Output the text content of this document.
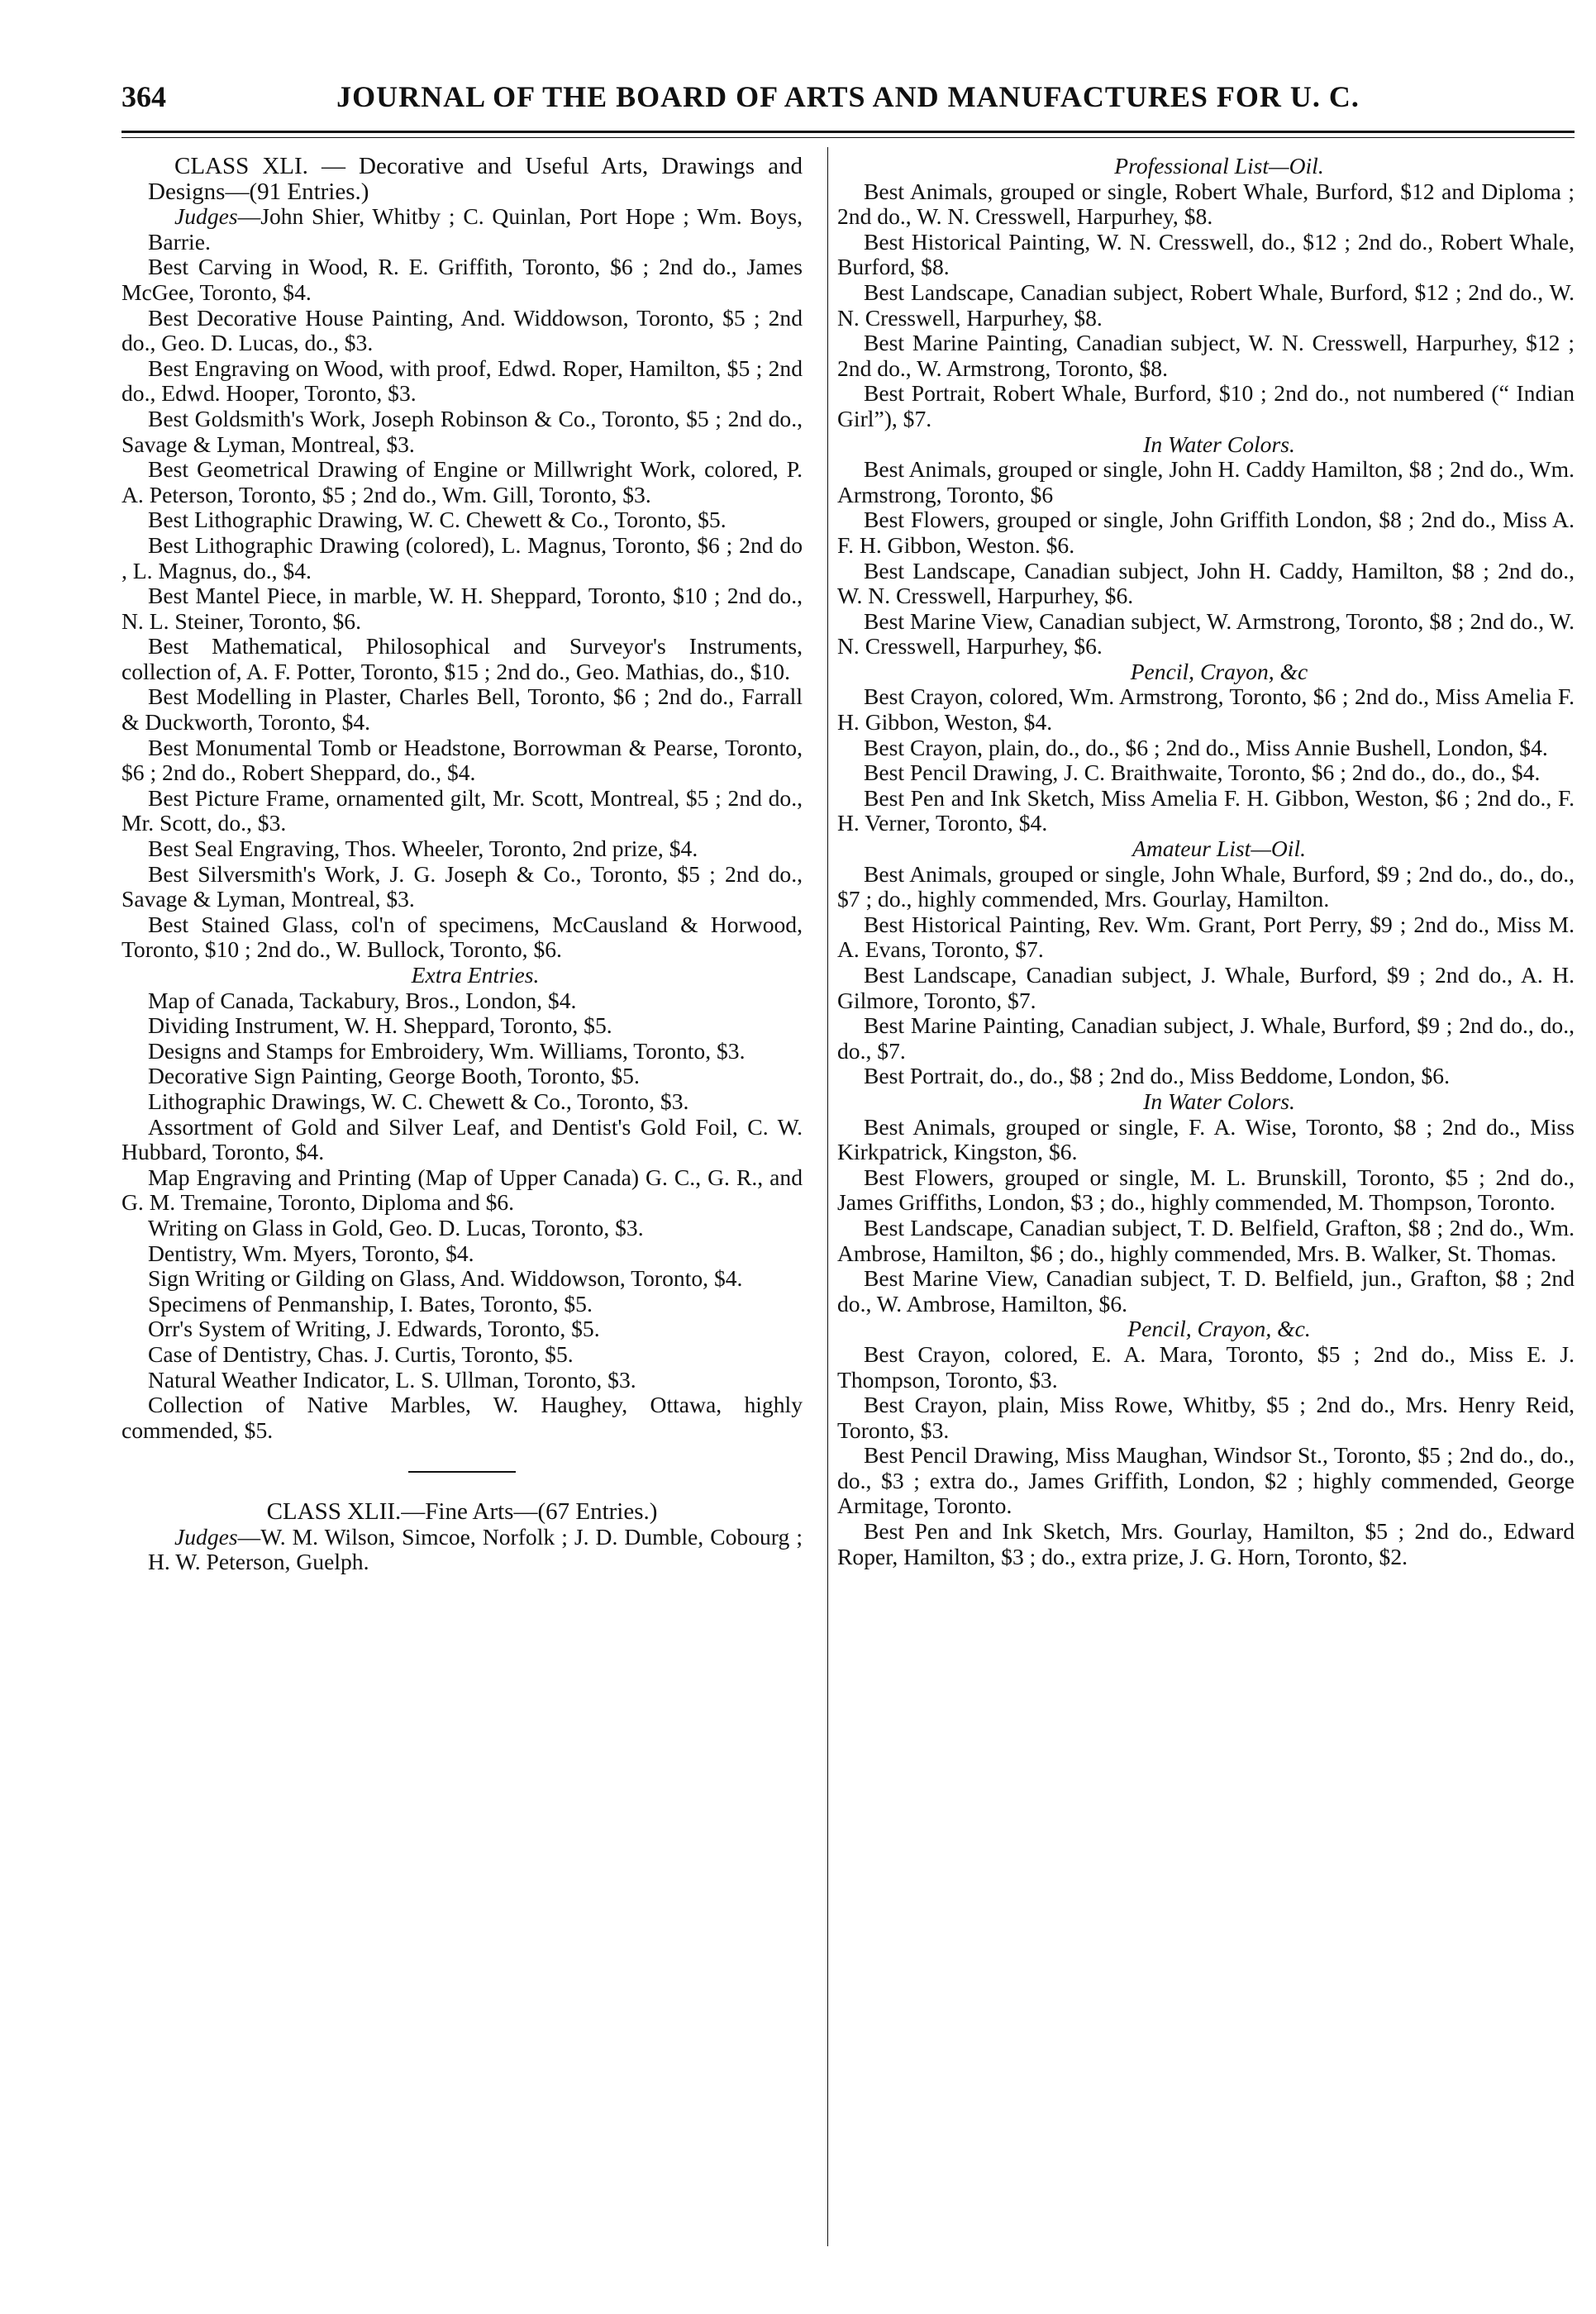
364	JOURNAL OF THE BOARD OF ARTS AND MANUFACTURES FOR U. C.

CLASS XLI. — Decorative and Useful Arts, Drawings and Designs—(91 Entries.)

Judges—John Shier, Whitby ; C. Quinlan, Port Hope ; Wm. Boys, Barrie.

Best Carving in Wood, R. E. Griffith, Toronto, $6 ; 2nd do., James McGee, Toronto, $4.

Best Decorative House Painting, And. Widdowson, Toronto, $5 ; 2nd do., Geo. D. Lucas, do., $3.

Best Engraving on Wood, with proof, Edwd. Roper, Hamilton, $5 ; 2nd do., Edwd. Hooper, Toronto, $3.

Best Goldsmith's Work, Joseph Robinson & Co., Toronto, $5 ; 2nd do., Savage & Lyman, Montreal, $3.

Best Geometrical Drawing of Engine or Millwright Work, colored, P. A. Peterson, Toronto, $5 ; 2nd do., Wm. Gill, Toronto, $3.

Best Lithographic Drawing, W. C. Chewett & Co., Toronto, $5.

Best Lithographic Drawing (colored), L. Magnus, Toronto, $6 ; 2nd do , L. Magnus, do., $4.

Best Mantel Piece, in marble, W. H. Sheppard, Toronto, $10 ; 2nd do., N. L. Steiner, Toronto, $6.

Best Mathematical, Philosophical and Surveyor's Instruments, collection of, A. F. Potter, Toronto, $15 ; 2nd do., Geo. Mathias, do., $10.

Best Modelling in Plaster, Charles Bell, Toronto, $6 ; 2nd do., Farrall & Duckworth, Toronto, $4.

Best Monumental Tomb or Headstone, Borrowman & Pearse, Toronto, $6 ; 2nd do., Robert Sheppard, do., $4.

Best Picture Frame, ornamented gilt, Mr. Scott, Montreal, $5 ; 2nd do., Mr. Scott, do., $3.

Best Seal Engraving, Thos. Wheeler, Toronto, 2nd prize, $4.

Best Silversmith's Work, J. G. Joseph & Co., Toronto, $5 ; 2nd do., Savage & Lyman, Montreal, $3.

Best Stained Glass, col'n of specimens, McCausland & Horwood, Toronto, $10 ; 2nd do., W. Bullock, Toronto, $6.

Extra Entries.

Map of Canada, Tackabury, Bros., London, $4.

Dividing Instrument, W. H. Sheppard, Toronto, $5.

Designs and Stamps for Embroidery, Wm. Williams, Toronto, $3.

Decorative Sign Painting, George Booth, Toronto, $5.

Lithographic Drawings, W. C. Chewett & Co., Toronto, $3.

Assortment of Gold and Silver Leaf, and Dentist's Gold Foil, C. W. Hubbard, Toronto, $4.

Map Engraving and Printing (Map of Upper Canada) G. C., G. R., and G. M. Tremaine, Toronto, Diploma and $6.

Writing on Glass in Gold, Geo. D. Lucas, Toronto, $3.

Dentistry, Wm. Myers, Toronto, $4.

Sign Writing or Gilding on Glass, And. Widdowson, Toronto, $4.

Specimens of Penmanship, I. Bates, Toronto, $5.

Orr's System of Writing, J. Edwards, Toronto, $5.

Case of Dentistry, Chas. J. Curtis, Toronto, $5.

Natural Weather Indicator, L. S. Ullman, Toronto, $3.

Collection of Native Marbles, W. Haughey, Ottawa, highly commended, $5.

CLASS XLII.—Fine Arts—(67 Entries.)

Judges—W. M. Wilson, Simcoe, Norfolk ; J. D. Dumble, Cobourg ; H. W. Peterson, Guelph.

Professional List—Oil.

Best Animals, grouped or single, Robert Whale, Burford, $12 and Diploma ; 2nd do., W. N. Cresswell, Harpurhey, $8.

Best Historical Painting, W. N. Cresswell, do., $12 ; 2nd do., Robert Whale, Burford, $8.

Best Landscape, Canadian subject, Robert Whale, Burford, $12 ; 2nd do., W. N. Cresswell, Harpurhey, $8.

Best Marine Painting, Canadian subject, W. N. Cresswell, Harpurhey, $12 ; 2nd do., W. Armstrong, Toronto, $8.

Best Portrait, Robert Whale, Burford, $10 ; 2nd do., not numbered (“ Indian Girl”), $7.

In Water Colors.

Best Animals, grouped or single, John H. Caddy Hamilton, $8 ; 2nd do., Wm. Armstrong, Toronto, $6

Best Flowers, grouped or single, John Griffith London, $8 ; 2nd do., Miss A. F. H. Gibbon, Weston. $6.

Best Landscape, Canadian subject, John H. Caddy, Hamilton, $8 ; 2nd do., W. N. Cresswell, Harpurhey, $6.

Best Marine View, Canadian subject, W. Armstrong, Toronto, $8 ; 2nd do., W. N. Cresswell, Harpurhey, $6.

Pencil, Crayon, &c

Best Crayon, colored, Wm. Armstrong, Toronto, $6 ; 2nd do., Miss Amelia F. H. Gibbon, Weston, $4.

Best Crayon, plain, do., do., $6 ; 2nd do., Miss Annie Bushell, London, $4.

Best Pencil Drawing, J. C. Braithwaite, Toronto, $6 ; 2nd do., do., do., $4.

Best Pen and Ink Sketch, Miss Amelia F. H. Gibbon, Weston, $6 ; 2nd do., F. H. Verner, Toronto, $4.

Amateur List—Oil.

Best Animals, grouped or single, John Whale, Burford, $9 ; 2nd do., do., do., $7 ; do., highly commended, Mrs. Gourlay, Hamilton.

Best Historical Painting, Rev. Wm. Grant, Port Perry, $9 ; 2nd do., Miss M. A. Evans, Toronto, $7.

Best Landscape, Canadian subject, J. Whale, Burford, $9 ; 2nd do., A. H. Gilmore, Toronto, $7.

Best Marine Painting, Canadian subject, J. Whale, Burford, $9 ; 2nd do., do., do., $7.

Best Portrait, do., do., $8 ; 2nd do., Miss Beddome, London, $6.

In Water Colors.

Best Animals, grouped or single, F. A. Wise, Toronto, $8 ; 2nd do., Miss Kirkpatrick, Kingston, $6.

Best Flowers, grouped or single, M. L. Brunskill, Toronto, $5 ; 2nd do., James Griffiths, London, $3 ; do., highly commended, M. Thompson, Toronto.

Best Landscape, Canadian subject, T. D. Belfield, Grafton, $8 ; 2nd do., Wm. Ambrose, Hamilton, $6 ; do., highly commended, Mrs. B. Walker, St. Thomas.

Best Marine View, Canadian subject, T. D. Belfield, jun., Grafton, $8 ; 2nd do., W. Ambrose, Hamilton, $6.

Pencil, Crayon, &c.

Best Crayon, colored, E. A. Mara, Toronto, $5 ; 2nd do., Miss E. J. Thompson, Toronto, $3.

Best Crayon, plain, Miss Rowe, Whitby, $5 ; 2nd do., Mrs. Henry Reid, Toronto, $3.

Best Pencil Drawing, Miss Maughan, Windsor St., Toronto, $5 ; 2nd do., do., do., $3 ; extra do., James Griffith, London, $2 ; highly commended, George Armitage, Toronto.

Best Pen and Ink Sketch, Mrs. Gourlay, Hamilton, $5 ; 2nd do., Edward Roper, Hamilton, $3 ; do., extra prize, J. G. Horn, Toronto, $2.
